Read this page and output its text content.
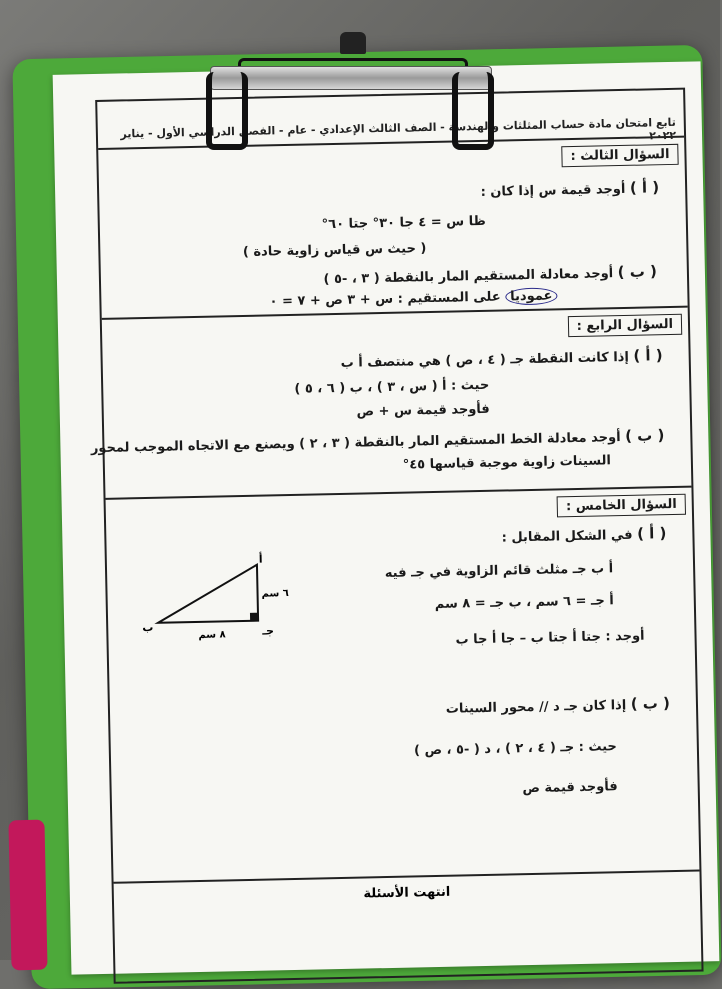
تابع امتحان مادة حساب المثلثات والهندسة - الصف الثالث الإعدادي - عام - الفصل الدراسي الأول - يناير ٢٠٢٢
السؤال الثالث :
( أ ) أوجد قيمة س إذا كان :
ظا س = ٤ جا ٣٠° جتا ٦٠°
( حيث س قياس زاوية حادة )
( ب ) أوجد معادلة المستقيم المار بالنقطة ( ٣ ، -٥ )
عموديا على المستقيم : س + ٣ ص + ٧ = ٠
السؤال الرابع :
( أ ) إذا كانت النقطة جـ ( ٤ ، ص ) هي منتصف أ ب
حيث : أ ( س ، ٣ ) ، ب ( ٦ ، ٥ )
فأوجد قيمة س + ص
( ب ) أوجد معادلة الخط المستقيم المار بالنقطة ( ٣ ، ٢ ) ويصنع مع الاتجاه الموجب لمحور
السينات زاوية موجبة قياسها ٤٥°
السؤال الخامس :
( أ ) في الشكل المقابل :
أ ب جـ مثلث قائم الزاوية في جـ فيه
أ جـ = ٦ سم ، ب جـ = ٨ سم
أوجد : جتا أ جتا ب – جا أ جا ب
أ
ب	جـ
٦ سم
٨ سم
( ب ) إذا كان جـ د // محور السينات
حيث : جـ ( ٤ ، ٢ ) ، د ( -٥ ، ص )
فأوجد قيمة ص
انتهت الأسئلة
